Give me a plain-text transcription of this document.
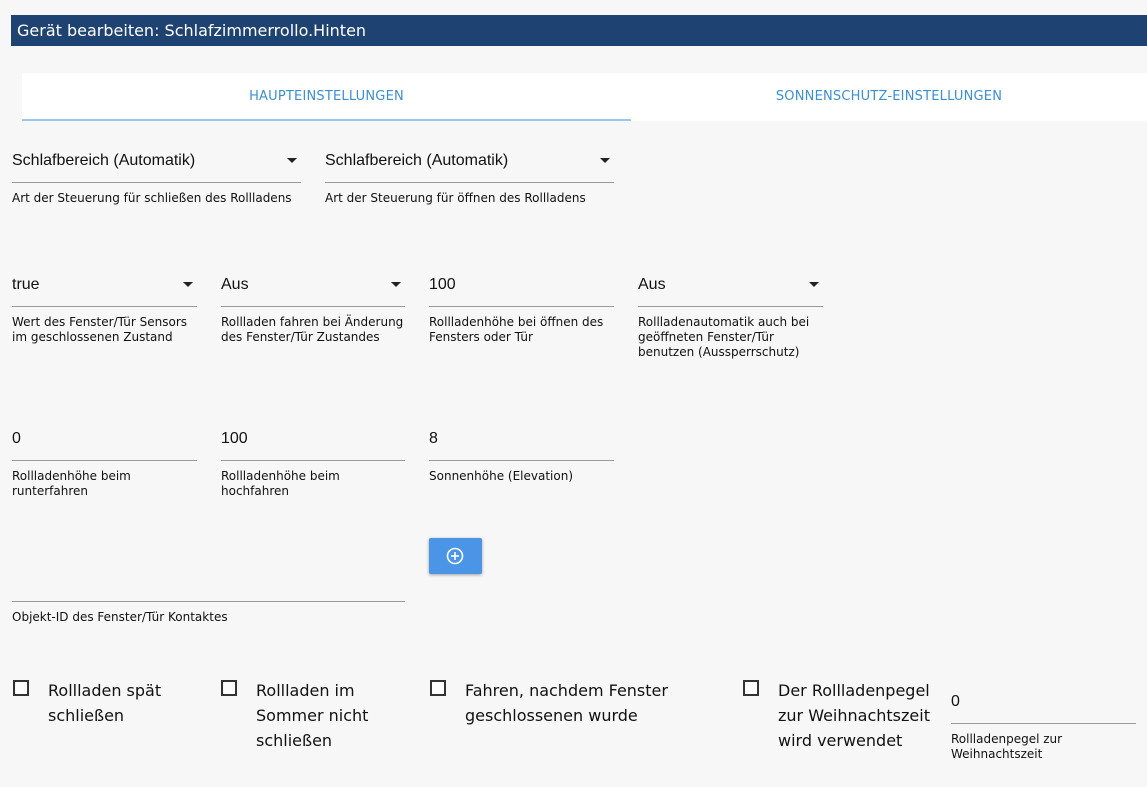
Gerät bearbeiten: Schlafzimmerrollo.Hinten
HAUPTEINSTELLUNGEN	SONNENSCHUTZ-EINSTELLUNGEN
Schlafbereich (Automatik)
Art der Steuerung für schließen des Rollladens
Schlafbereich (Automatik)
Art der Steuerung für öffnen des Rollladens
true
Wert des Fenster/Tür Sensors im geschlossenen Zustand
Aus
Rollladen fahren bei Änderung des Fenster/Tür Zustandes
100
Rollladenhöhe bei öffnen des Fensters oder Tür
Aus
Rollladenautomatik auch bei geöffneten Fenster/Tür benutzen (Aussperrschutz)
0
Rollladenhöhe beim runterfahren
100
Rollladenhöhe beim hochfahren
8
Sonnenhöhe (Elevation)
Objekt-ID des Fenster/Tür Kontaktes
Rollladen spät schließen
Rollladen im Sommer nicht schließen
Fahren, nachdem Fenster geschlossenen wurde
Der Rollladenpegel zur Weihnachtszeit wird verwendet
0
Rollladenpegel zur Weihnachtszeit
